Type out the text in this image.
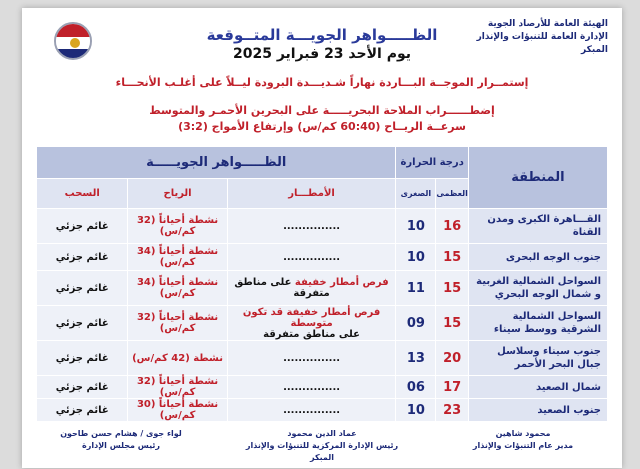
الهيئة العامة للأرصاد الجوية
الإدارة العامة للتنبؤات والإنذار المبكر
الظـــــواهر الجويـــة المتــوقعة
يوم الأحد 23 فبراير 2025
إستمــرار الموجــة البـــاردة نهاراً شـديـــدة البرودة ليــلاً على أغلـب الأنحـــاء
إضطــــــراب الملاحة البحريـــــة على البحرين الأحمـر والمتوسط
سرعــة الريــاح (60:40 كم/س) وإرتفاع الأمواج (3:2)
المنطقة	درجة الحرارة		الظـــــواهر الجويـــــة		
	العظمى	الصغرى	الأمطـــار	الرياح	السحب
القـــاهرة الكبرى ومدن القناة	16	10	...............	نشطة أحياناً (32 كم/س)	غائم جزئي
جنوب الوجه البحرى	15	10	...............	نشطة أحياناً (34 كم/س)	غائم جزئي
السواحل الشمالية الغربية و شمال الوجه البحري	15	11	فرص أمطار خفيفة على مناطق متفرقة	نشطة أحياناً (34 كم/س)	غائم جزئي
السواحل الشمالية الشرقية ووسط سيناء	15	09	فرص أمطار خفيفة قد تكون متوسطة
على مناطق متفرقة	نشطة أحياناً (32 كم/س)	غائم جزئي
جنوب سيناء وسلاسل جبال البحر الأحمر	20	13	...............	نشطة (42 كم/س)	غائم جزئي
شمال الصعيد	17	06	...............	نشطة أحياناً (32 كم/س)	غائم جزئي
جنوب الصعيد	23	10	...............	نشطة أحياناً (30 كم/س)	غائم جزئي
لواء جوى / هشام حسن طاحون
رئيس مجلس الإدارة
عماد الدين محمود
رئيس الإدارة المركزية للتنبؤات والإنذار المبكر
محمود شاهين
مدير عام التنبؤات والإنذار
